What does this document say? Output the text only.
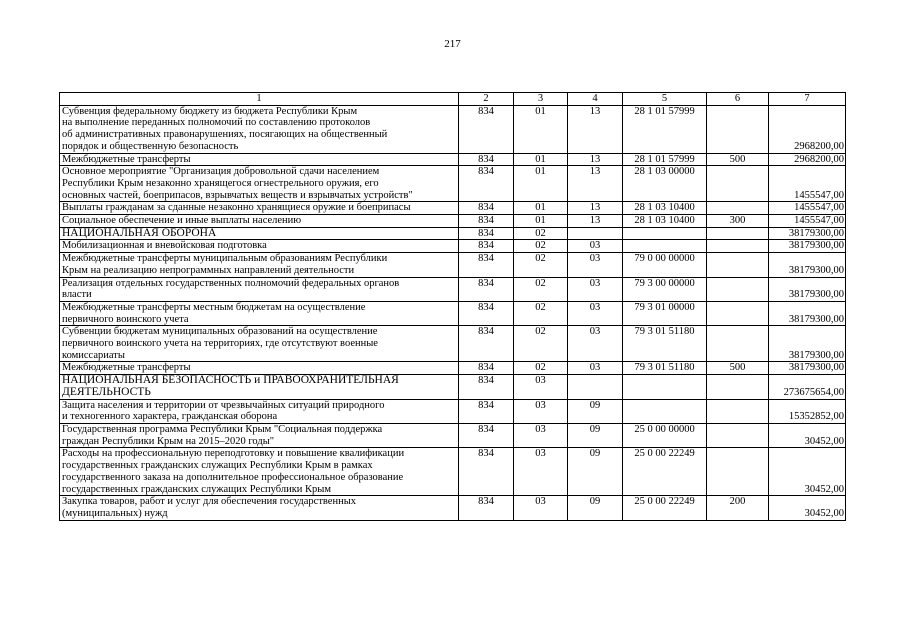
217
1	2	3	4	5	6	7
Субвенция федеральному бюджету из бюджета Республики Крым
на выполнение переданных полномочий по составлению протоколов
об административных правонарушениях, посягающих на общественный
порядок и общественную безопасность	834	01	13	28 1 01 57999		2968200,00
Межбюджетные трансферты	834	01	13	28 1 01 57999	500	2968200,00
Основное мероприятие "Организация добровольной сдачи населением
Республики Крым незаконно хранящегося огнестрельного оружия, его
основных частей, боеприпасов, взрывчатых веществ и взрывчатых устройств"	834	01	13	28 1 03 00000		1455547,00
Выплаты гражданам за сданные незаконно хранящиеся оружие и боеприпасы	834	01	13	28 1 03 10400		1455547,00
Социальное обеспечение и иные выплаты населению	834	01	13	28 1 03 10400	300	1455547,00
НАЦИОНАЛЬНАЯ ОБОРОНА	834	02				38179300,00
Мобилизационная и вневойсковая подготовка	834	02	03			38179300,00
Межбюджетные трансферты муниципальным образованиям Республики
Крым на реализацию непрограммных направлений деятельности	834	02	03	79 0 00 00000		38179300,00
Реализация отдельных государственных полномочий федеральных органов
власти	834	02	03	79 3 00 00000		38179300,00
Межбюджетные трансферты местным бюджетам на осуществление
первичного воинского учета	834	02	03	79 3 01 00000		38179300,00
Субвенции бюджетам муниципальных образований на осуществление
первичного воинского учета на территориях, где отсутствуют военные
комиссариаты	834	02	03	79 3 01 51180		38179300,00
Межбюджетные трансферты	834	02	03	79 3 01 51180	500	38179300,00
НАЦИОНАЛЬНАЯ БЕЗОПАСНОСТЬ и ПРАВООХРАНИТЕЛЬНАЯ
ДЕЯТЕЛЬНОСТЬ	834	03				273675654,00
Защита населения и территории от чрезвычайных ситуаций природного
и техногенного характера, гражданская оборона	834	03	09			15352852,00
Государственная программа Республики Крым "Социальная поддержка
граждан Республики Крым на 2015–2020 годы"	834	03	09	25 0 00 00000		30452,00
Расходы на профессиональную переподготовку и повышение квалификации
государственных гражданских служащих Республики Крым в рамках
государственного заказа на дополнительное профессиональное образование
государственных гражданских служащих Республики Крым	834	03	09	25 0 00 22249		30452,00
Закупка товаров, работ и услуг для обеспечения государственных
(муниципальных) нужд	834	03	09	25 0 00 22249	200	30452,00
